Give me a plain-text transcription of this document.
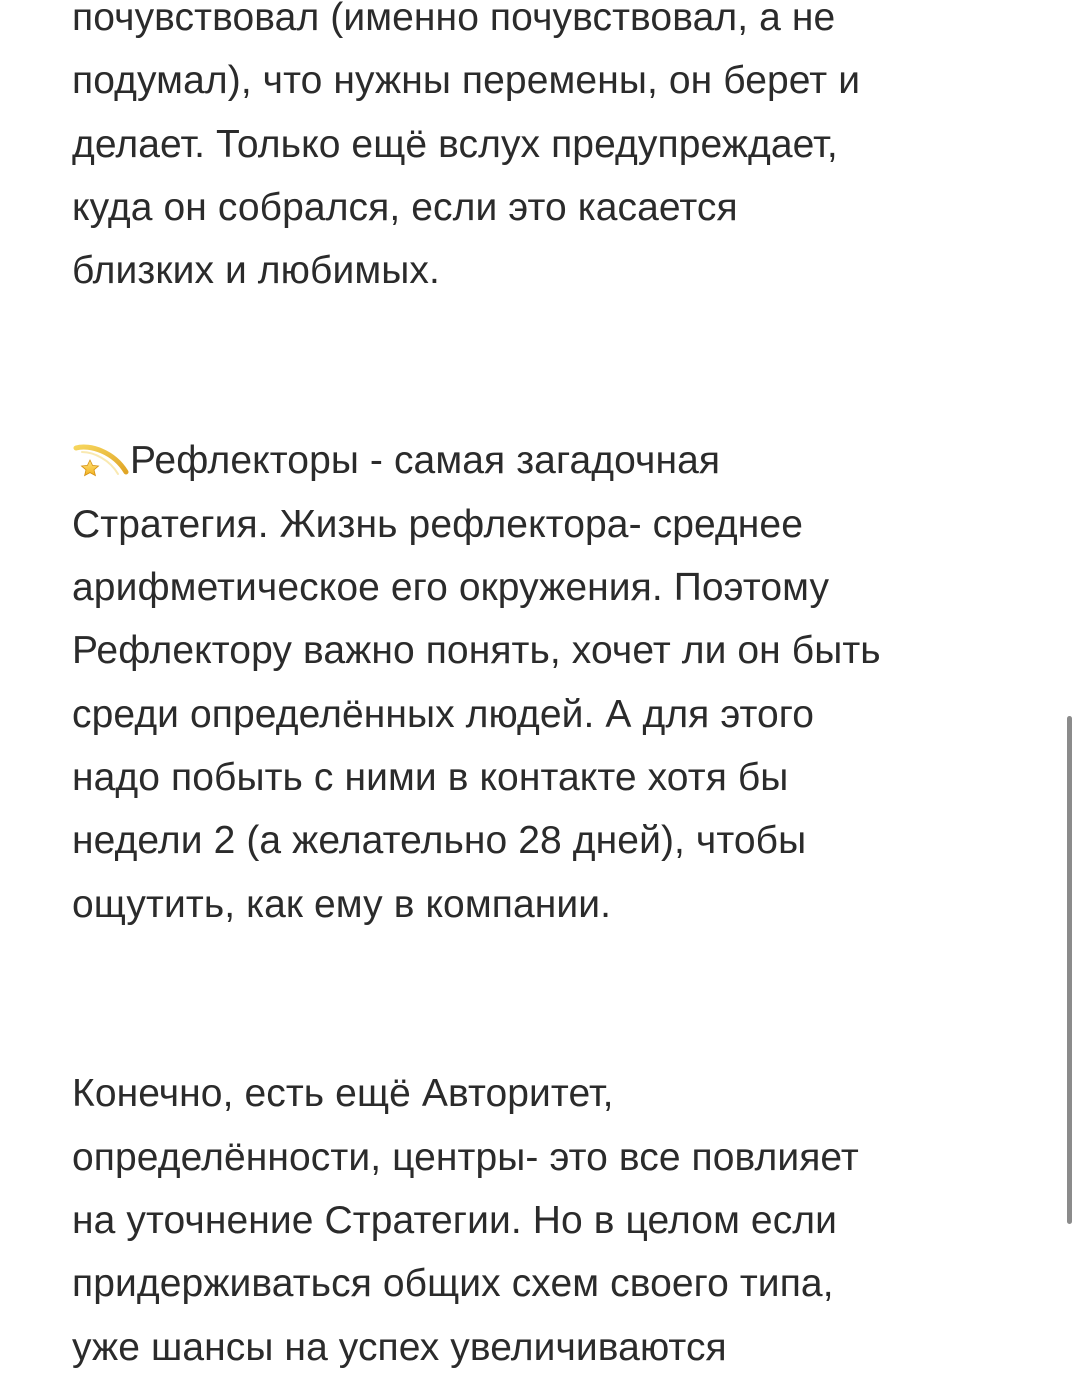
почувствовал (именно почувствовал, а не
подумал), что нужны перемены, он берет и
делает. Только ещё вслух предупреждает,
куда он собрался, если это касается
близких и любимых.
Рефлекторы - самая загадочная
Стратегия. Жизнь рефлектора- среднее
арифметическое его окружения. Поэтому
Рефлектору важно понять, хочет ли он быть
среди определённых людей. А для этого
надо побыть с ними в контакте хотя бы
недели 2 (а желательно 28 дней), чтобы
ощутить, как ему в компании.
Конечно, есть ещё Авторитет,
определённости, центры- это все повлияет
на уточнение Стратегии. Но в целом если
придерживаться общих схем своего типа,
уже шансы на успех увеличиваются
